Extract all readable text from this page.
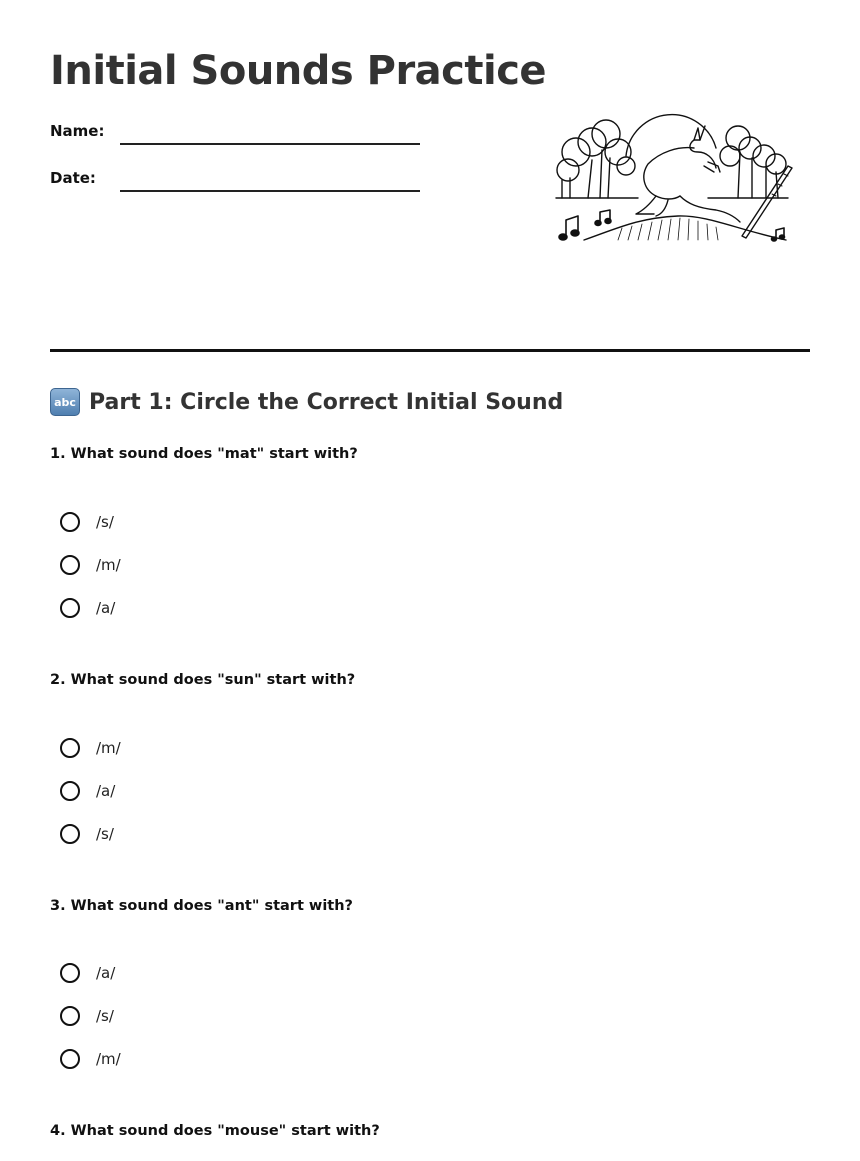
Initial Sounds Practice
Name:
Date:
abc Part 1: Circle the Correct Initial Sound

1. What sound does "mat" start with?

/s/
/m/
/a/

2. What sound does "sun" start with?

/m/
/a/
/s/

3. What sound does "ant" start with?

/a/
/s/
/m/

4. What sound does "mouse" start with?
